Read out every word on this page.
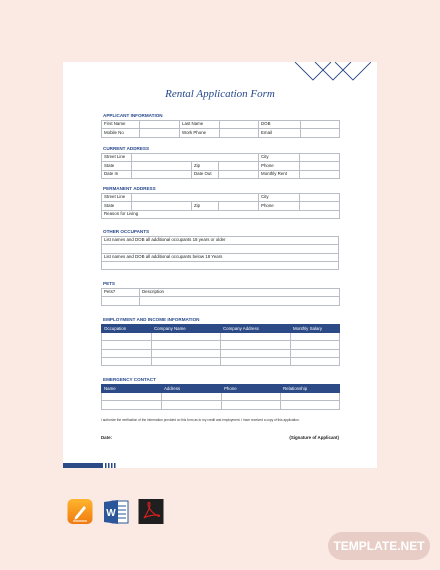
Rental Application Form
APPLICANT INFORMATION
First Name		Last Name		DOB	
Mobile No		Work Phone		Email	
CURRENT ADDRESS
Street Line				City	
State		Zip		Phone	
Date In		Date Out		Monthly Rent	
PERMANENT ADDRESS
Street Line				City	
State		Zip		Phone	
Reason for Living					
OTHER OCCUPANTS
List names and DOB all additional occupants 18 years or older

List names and DOB all additional occupants below 18 Years

PETS
Pets?	Description

EMPLOYMENT AND INCOME INFORMATION
Occupation	Company Name	Company Address	Monthly Salary

EMERGENCY CONTACT
Name	Address	Phone	Relationship

I authorize the verification of the information provided on this form as to my credit and employment. I have received a copy of this application.
Date:	(Signature of Applicant)
W
TEMPLATE.NET
